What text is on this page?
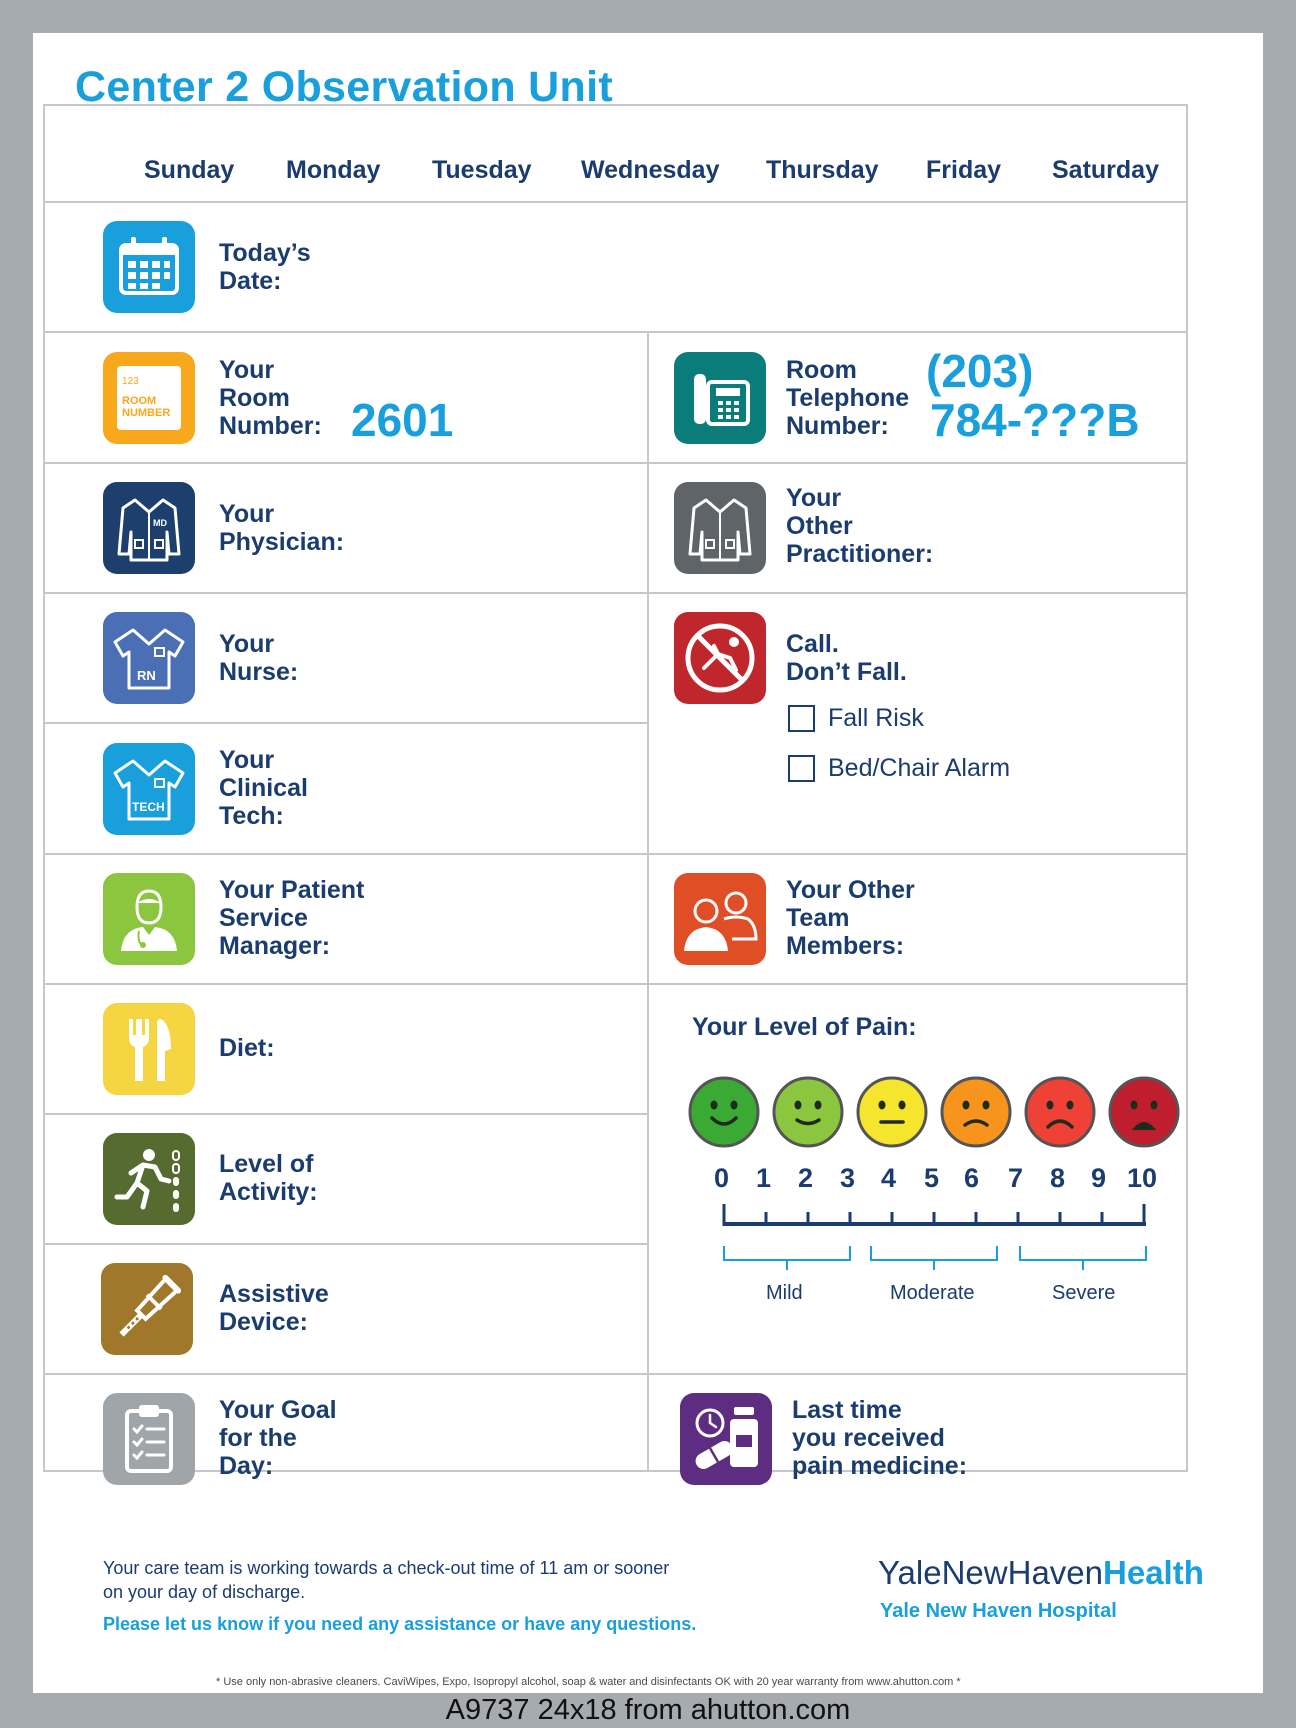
Center 2 Observation Unit
Sunday Monday Tuesday Wednesday Thursday Friday Saturday
Today’s
Date:
123
ROOM
NUMBER
Your
Room
Number: 2601
Room
Telephone
Number:
(203)
784-???B
MD Your
Physician:
Your
Other
Practitioner:
RN
Your
Nurse:
Call.
Don’t Fall.
Fall Risk
Bed/Chair Alarm
TECH
Your
Clinical
Tech:
Your Patient
Service
Manager:
Your Other
Team
Members:
Diet:
Your Level of Pain:
0 1 2 3 4 5 6 7 8 9 10
Mild	Moderate	Severe
Level of
Activity:
Assistive
Device:
Your Goal
for the
Day:
Last time
you received
pain medicine:
Your care team is working towards a check-out time of 11 am or sooner
on your day of discharge.
Please let us know if you need any assistance or have any questions.
YaleNewHavenHealth
Yale New Haven Hospital
* Use only non-abrasive cleaners. CaviWipes, Expo, Isopropyl alcohol, soap & water and disinfectants OK with 20 year warranty from www.ahutton.com *
A9737 24x18 from ahutton.com
